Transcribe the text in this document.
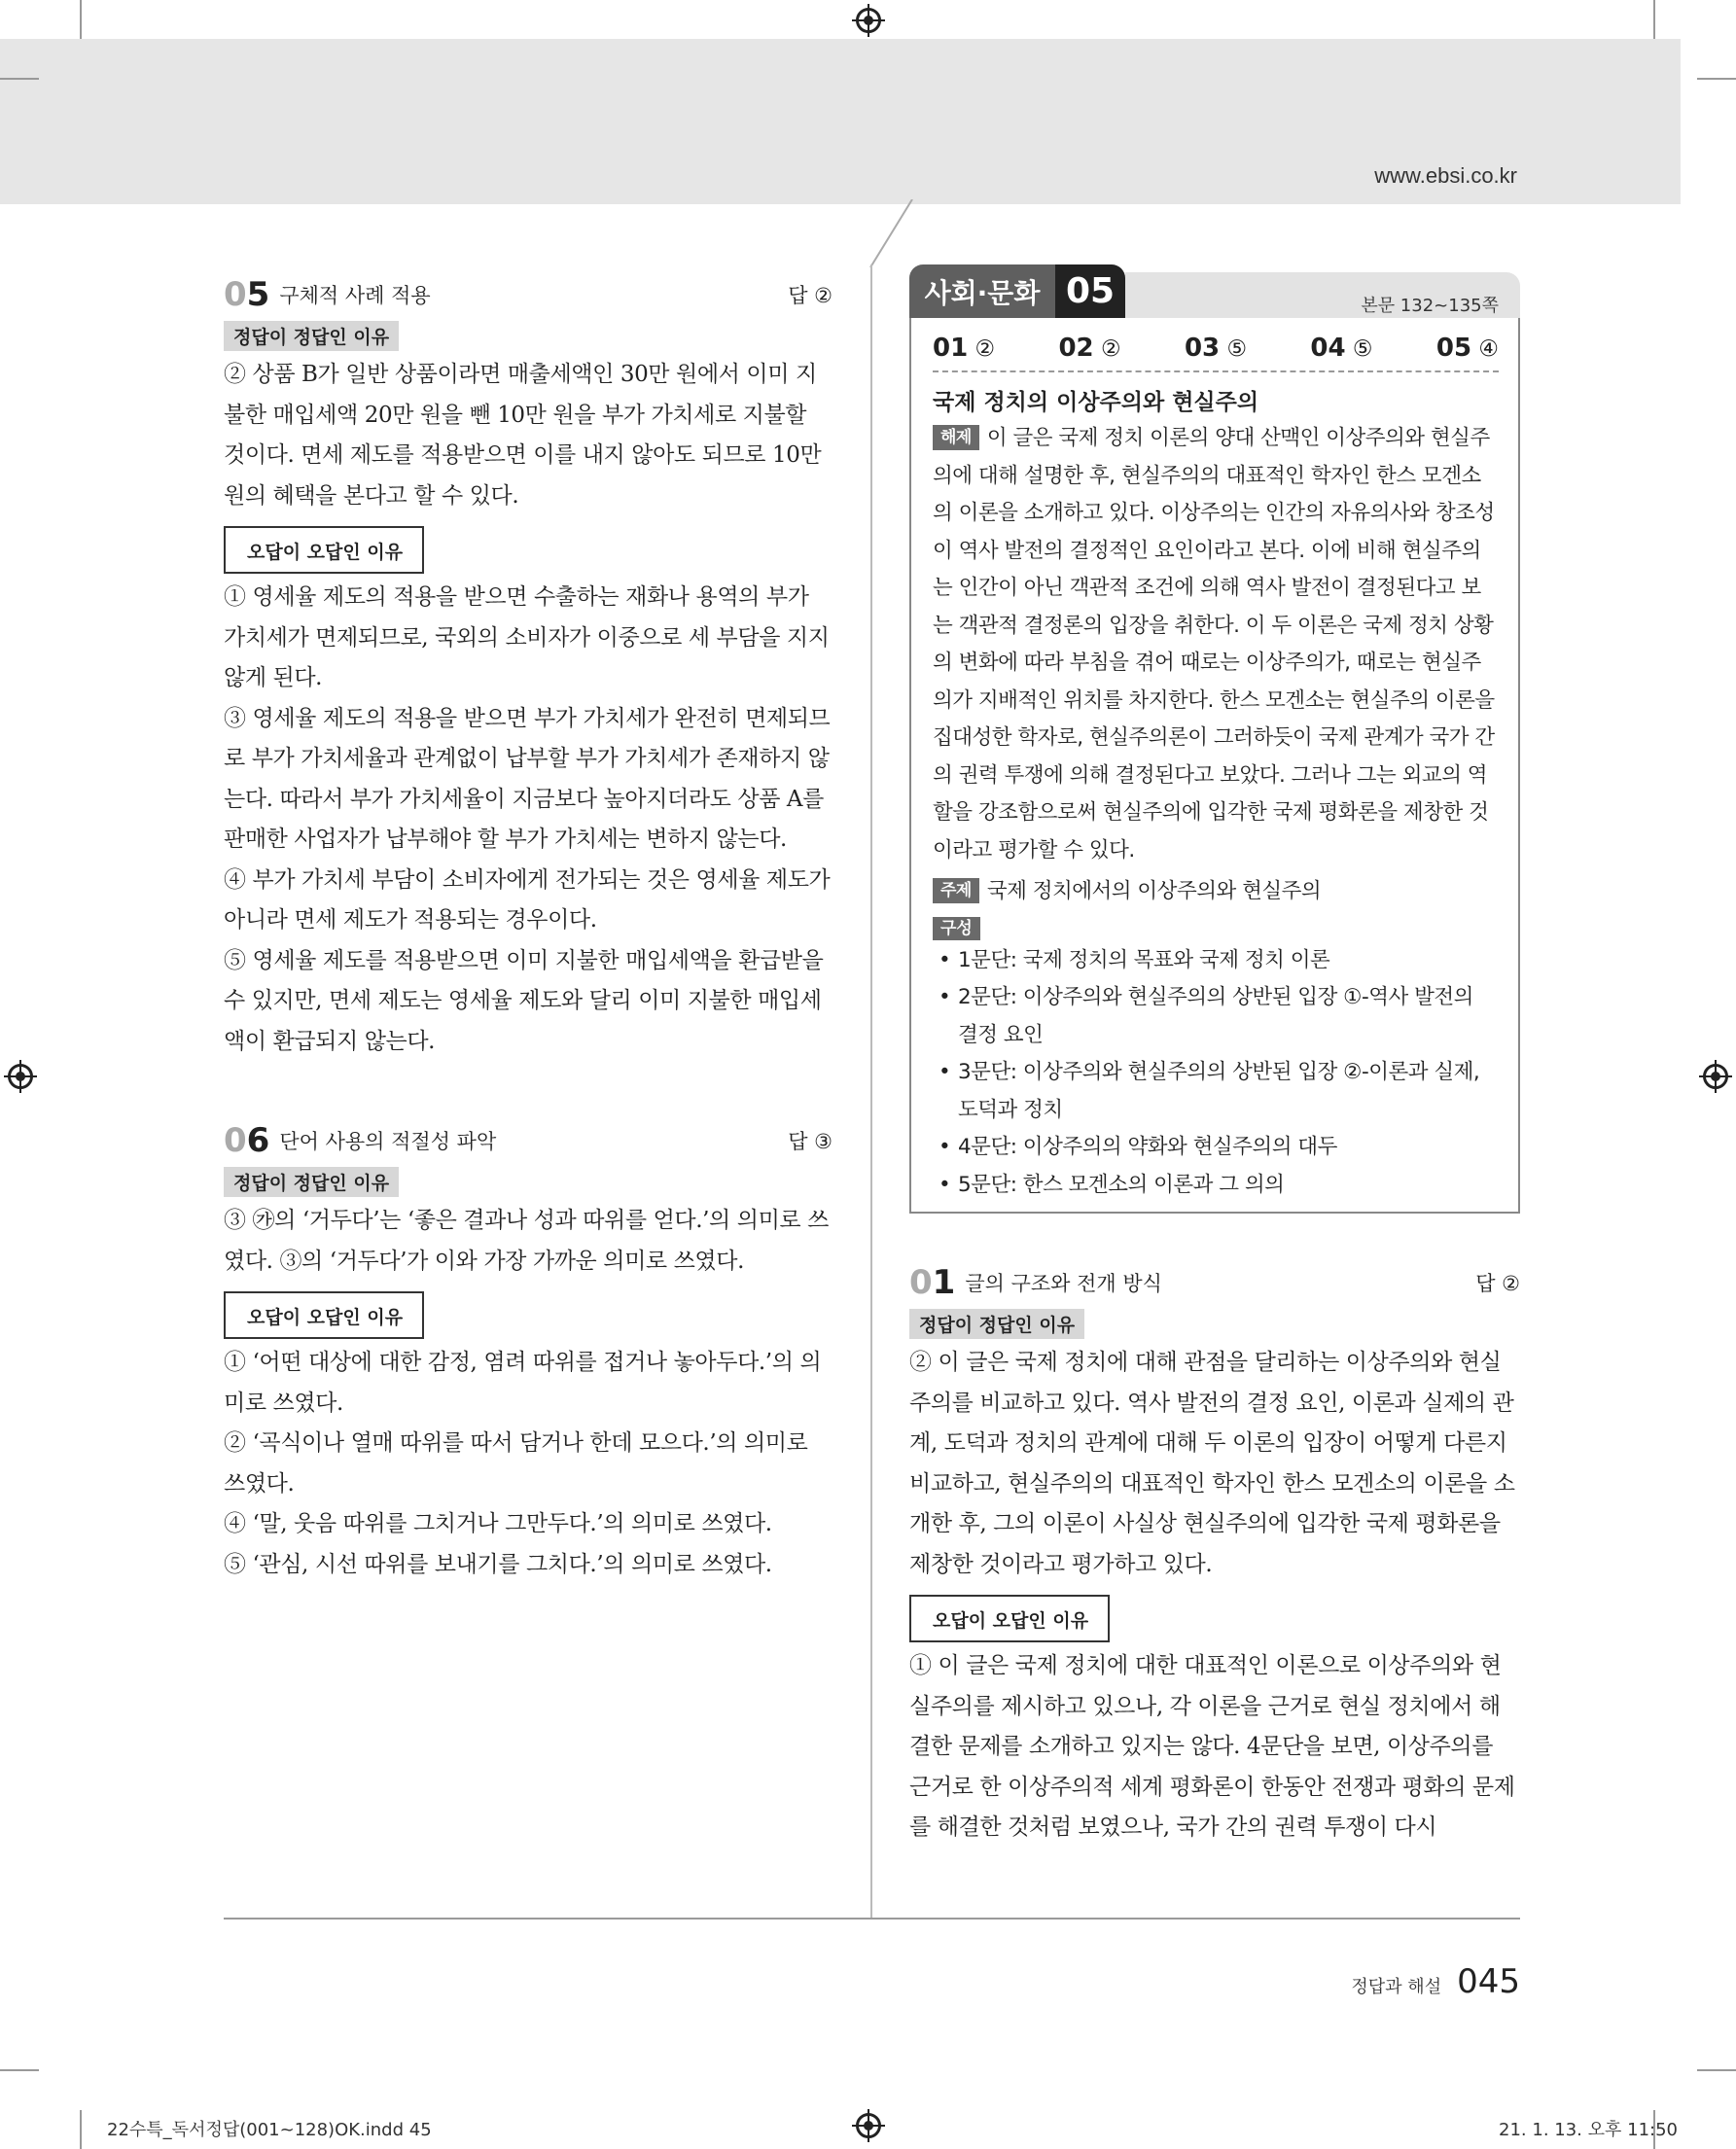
www.ebsi.co.kr
05 구체적 사례 적용	답 ②
정답이 정답인 이유
② 상품 B가 일반 상품이라면 매출세액인 30만 원에서 이미 지불한 매입세액 20만 원을 뺀 10만 원을 부가 가치세로 지불할 것이다. 면세 제도를 적용받으면 이를 내지 않아도 되므로 10만 원의 혜택을 본다고 할 수 있다.
오답이 오답인 이유
① 영세율 제도의 적용을 받으면 수출하는 재화나 용역의 부가 가치세가 면제되므로, 국외의 소비자가 이중으로 세 부담을 지지 않게 된다.
③ 영세율 제도의 적용을 받으면 부가 가치세가 완전히 면제되므로 부가 가치세율과 관계없이 납부할 부가 가치세가 존재하지 않는다. 따라서 부가 가치세율이 지금보다 높아지더라도 상품 A를 판매한 사업자가 납부해야 할 부가 가치세는 변하지 않는다.
④ 부가 가치세 부담이 소비자에게 전가되는 것은 영세율 제도가 아니라 면세 제도가 적용되는 경우이다.
⑤ 영세율 제도를 적용받으면 이미 지불한 매입세액을 환급받을 수 있지만, 면세 제도는 영세율 제도와 달리 이미 지불한 매입세액이 환급되지 않는다.
06 단어 사용의 적절성 파악	답 ③
정답이 정답인 이유
③ ㉮의 ‘거두다’는 ‘좋은 결과나 성과 따위를 얻다.’의 의미로 쓰였다. ③의 ‘거두다’가 이와 가장 가까운 의미로 쓰였다.
오답이 오답인 이유
① ‘어떤 대상에 대한 감정, 염려 따위를 접거나 놓아두다.’의 의미로 쓰였다.
② ‘곡식이나 열매 따위를 따서 담거나 한데 모으다.’의 의미로 쓰였다.
④ ‘말, 웃음 따위를 그치거나 그만두다.’의 의미로 쓰였다.
⑤ ‘관심, 시선 따위를 보내기를 그치다.’의 의미로 쓰였다.
본문 132~135쪽
사회·문화 05
01 ②	02 ②	03 ⑤	04 ⑤	05 ④
국제 정치의 이상주의와 현실주의
해제 이 글은 국제 정치 이론의 양대 산맥인 이상주의와 현실주의에 대해 설명한 후, 현실주의의 대표적인 학자인 한스 모겐소의 이론을 소개하고 있다. 이상주의는 인간의 자유의사와 창조성이 역사 발전의 결정적인 요인이라고 본다. 이에 비해 현실주의는 인간이 아닌 객관적 조건에 의해 역사 발전이 결정된다고 보는 객관적 결정론의 입장을 취한다. 이 두 이론은 국제 정치 상황의 변화에 따라 부침을 겪어 때로는 이상주의가, 때로는 현실주의가 지배적인 위치를 차지한다. 한스 모겐소는 현실주의 이론을 집대성한 학자로, 현실주의론이 그러하듯이 국제 관계가 국가 간의 권력 투쟁에 의해 결정된다고 보았다. 그러나 그는 외교의 역할을 강조함으로써 현실주의에 입각한 국제 평화론을 제창한 것이라고 평가할 수 있다.
주제 국제 정치에서의 이상주의와 현실주의
구성
• 1문단: 국제 정치의 목표와 국제 정치 이론
• 2문단: 이상주의와 현실주의의 상반된 입장 ①-역사 발전의 결정 요인
• 3문단: 이상주의와 현실주의의 상반된 입장 ②-이론과 실제, 도덕과 정치
• 4문단: 이상주의의 약화와 현실주의의 대두
• 5문단: 한스 모겐소의 이론과 그 의의
01 글의 구조와 전개 방식	답 ②
정답이 정답인 이유
② 이 글은 국제 정치에 대해 관점을 달리하는 이상주의와 현실주의를 비교하고 있다. 역사 발전의 결정 요인, 이론과 실제의 관계, 도덕과 정치의 관계에 대해 두 이론의 입장이 어떻게 다른지 비교하고, 현실주의의 대표적인 학자인 한스 모겐소의 이론을 소개한 후, 그의 이론이 사실상 현실주의에 입각한 국제 평화론을 제창한 것이라고 평가하고 있다.
오답이 오답인 이유
① 이 글은 국제 정치에 대한 대표적인 이론으로 이상주의와 현실주의를 제시하고 있으나, 각 이론을 근거로 현실 정치에서 해결한 문제를 소개하고 있지는 않다. 4문단을 보면, 이상주의를 근거로 한 이상주의적 세계 평화론이 한동안 전쟁과 평화의 문제를 해결한 것처럼 보였으나, 국가 간의 권력 투쟁이 다시
정답과 해설 045
22수특_독서정답(001~128)OK.indd 45	21. 1. 13. 오후 11:50
